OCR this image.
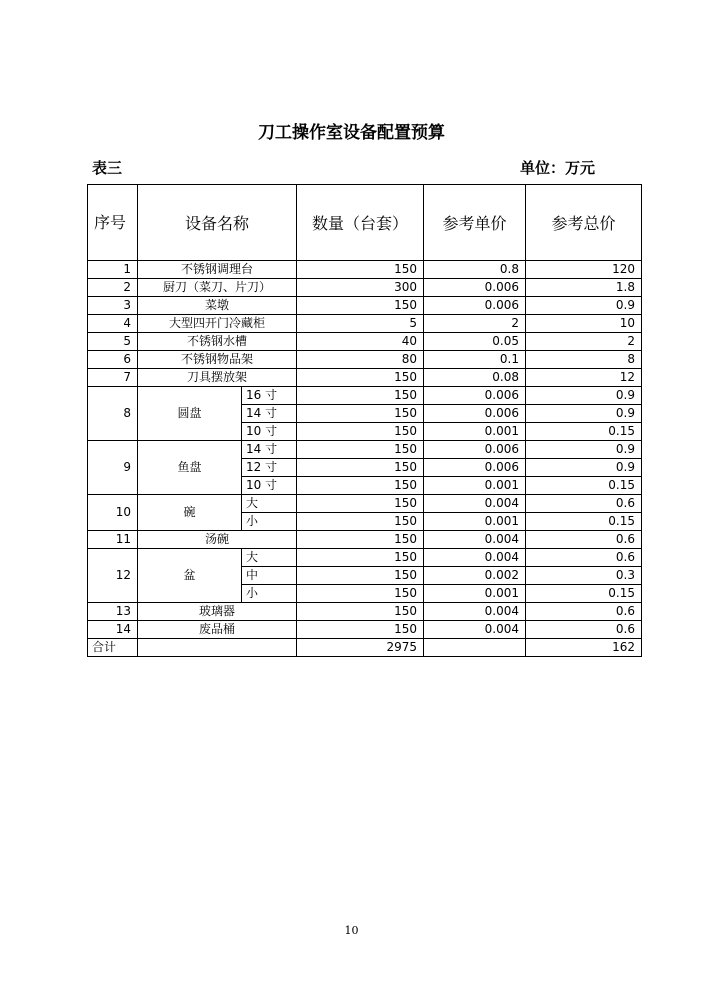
刀工操作室设备配置预算
表三	单位：万元
序号	设备名称		数量（台套）	参考单价	参考总价
1	不锈钢调理台		150	0.8	120
2	厨刀（菜刀、片刀）		300	0.006	1.8
3	菜墩		150	0.006	0.9
4	大型四开门冷藏柜		5	2	10
5	不锈钢水槽		40	0.05	2
6	不锈钢物品架		80	0.1	8
7	刀具摆放架		150	0.08	12
8	圆盘	16 寸	150	0.006	0.9
		14 寸	150	0.006	0.9
		10 寸	150	0.001	0.15
9	鱼盘	14 寸	150	0.006	0.9
		12 寸	150	0.006	0.9
		10 寸	150	0.001	0.15
10	碗	大	150	0.004	0.6
		小	150	0.001	0.15
11	汤碗		150	0.004	0.6
12	盆	大	150	0.004	0.6
		中	150	0.002	0.3
		小	150	0.001	0.15
13	玻璃器		150	0.004	0.6
14	废品桶		150	0.004	0.6
合计			2975		162
10
